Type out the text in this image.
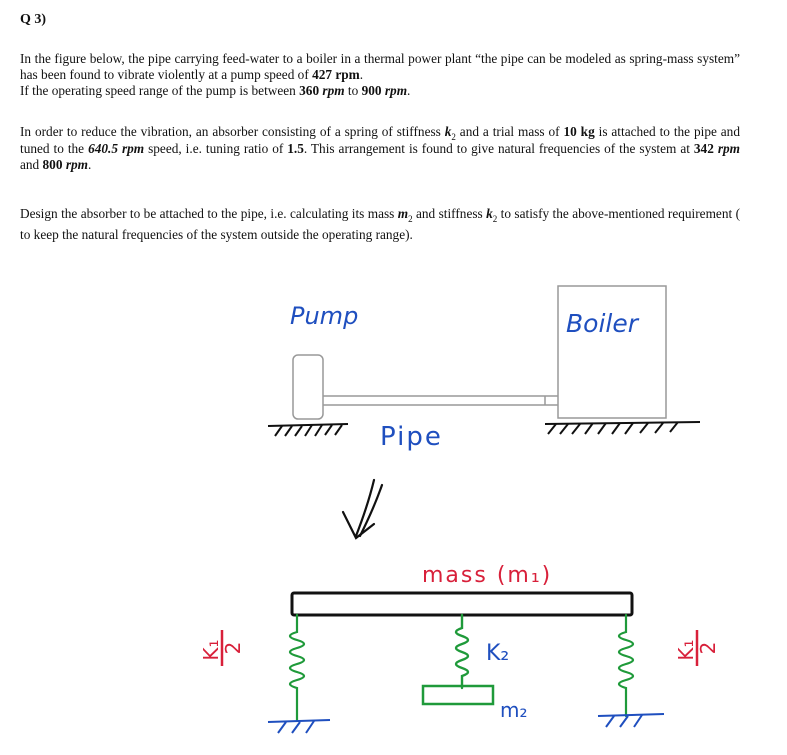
Q 3)
In the figure below, the pipe carrying feed-water to a boiler in a thermal power plant “the pipe can be modeled as spring-mass system” has been found to vibrate violently at a pump speed of 427 rpm.
If the operating speed range of the pump is between 360 rpm to 900 rpm.
In order to reduce the vibration, an absorber consisting of a spring of stiffness $k_2$ and a trial mass of 10 kg is attached to the pipe and tuned to the 640.5 rpm speed, i.e. tuning ratio of 1.5. This arrangement is found to give natural frequencies of the system at 342 rpm and 800 rpm.
Design the absorber to be attached to the pipe, i.e. calculating its mass $m_2$ and stiffness $k_2$ to satisfy the above-mentioned requirement ( to keep the natural frequencies of the system outside the operating range).
Pump	Boiler
Pipe
mass (m₁)
K₂
m₂
K₁
2	K₁
2
